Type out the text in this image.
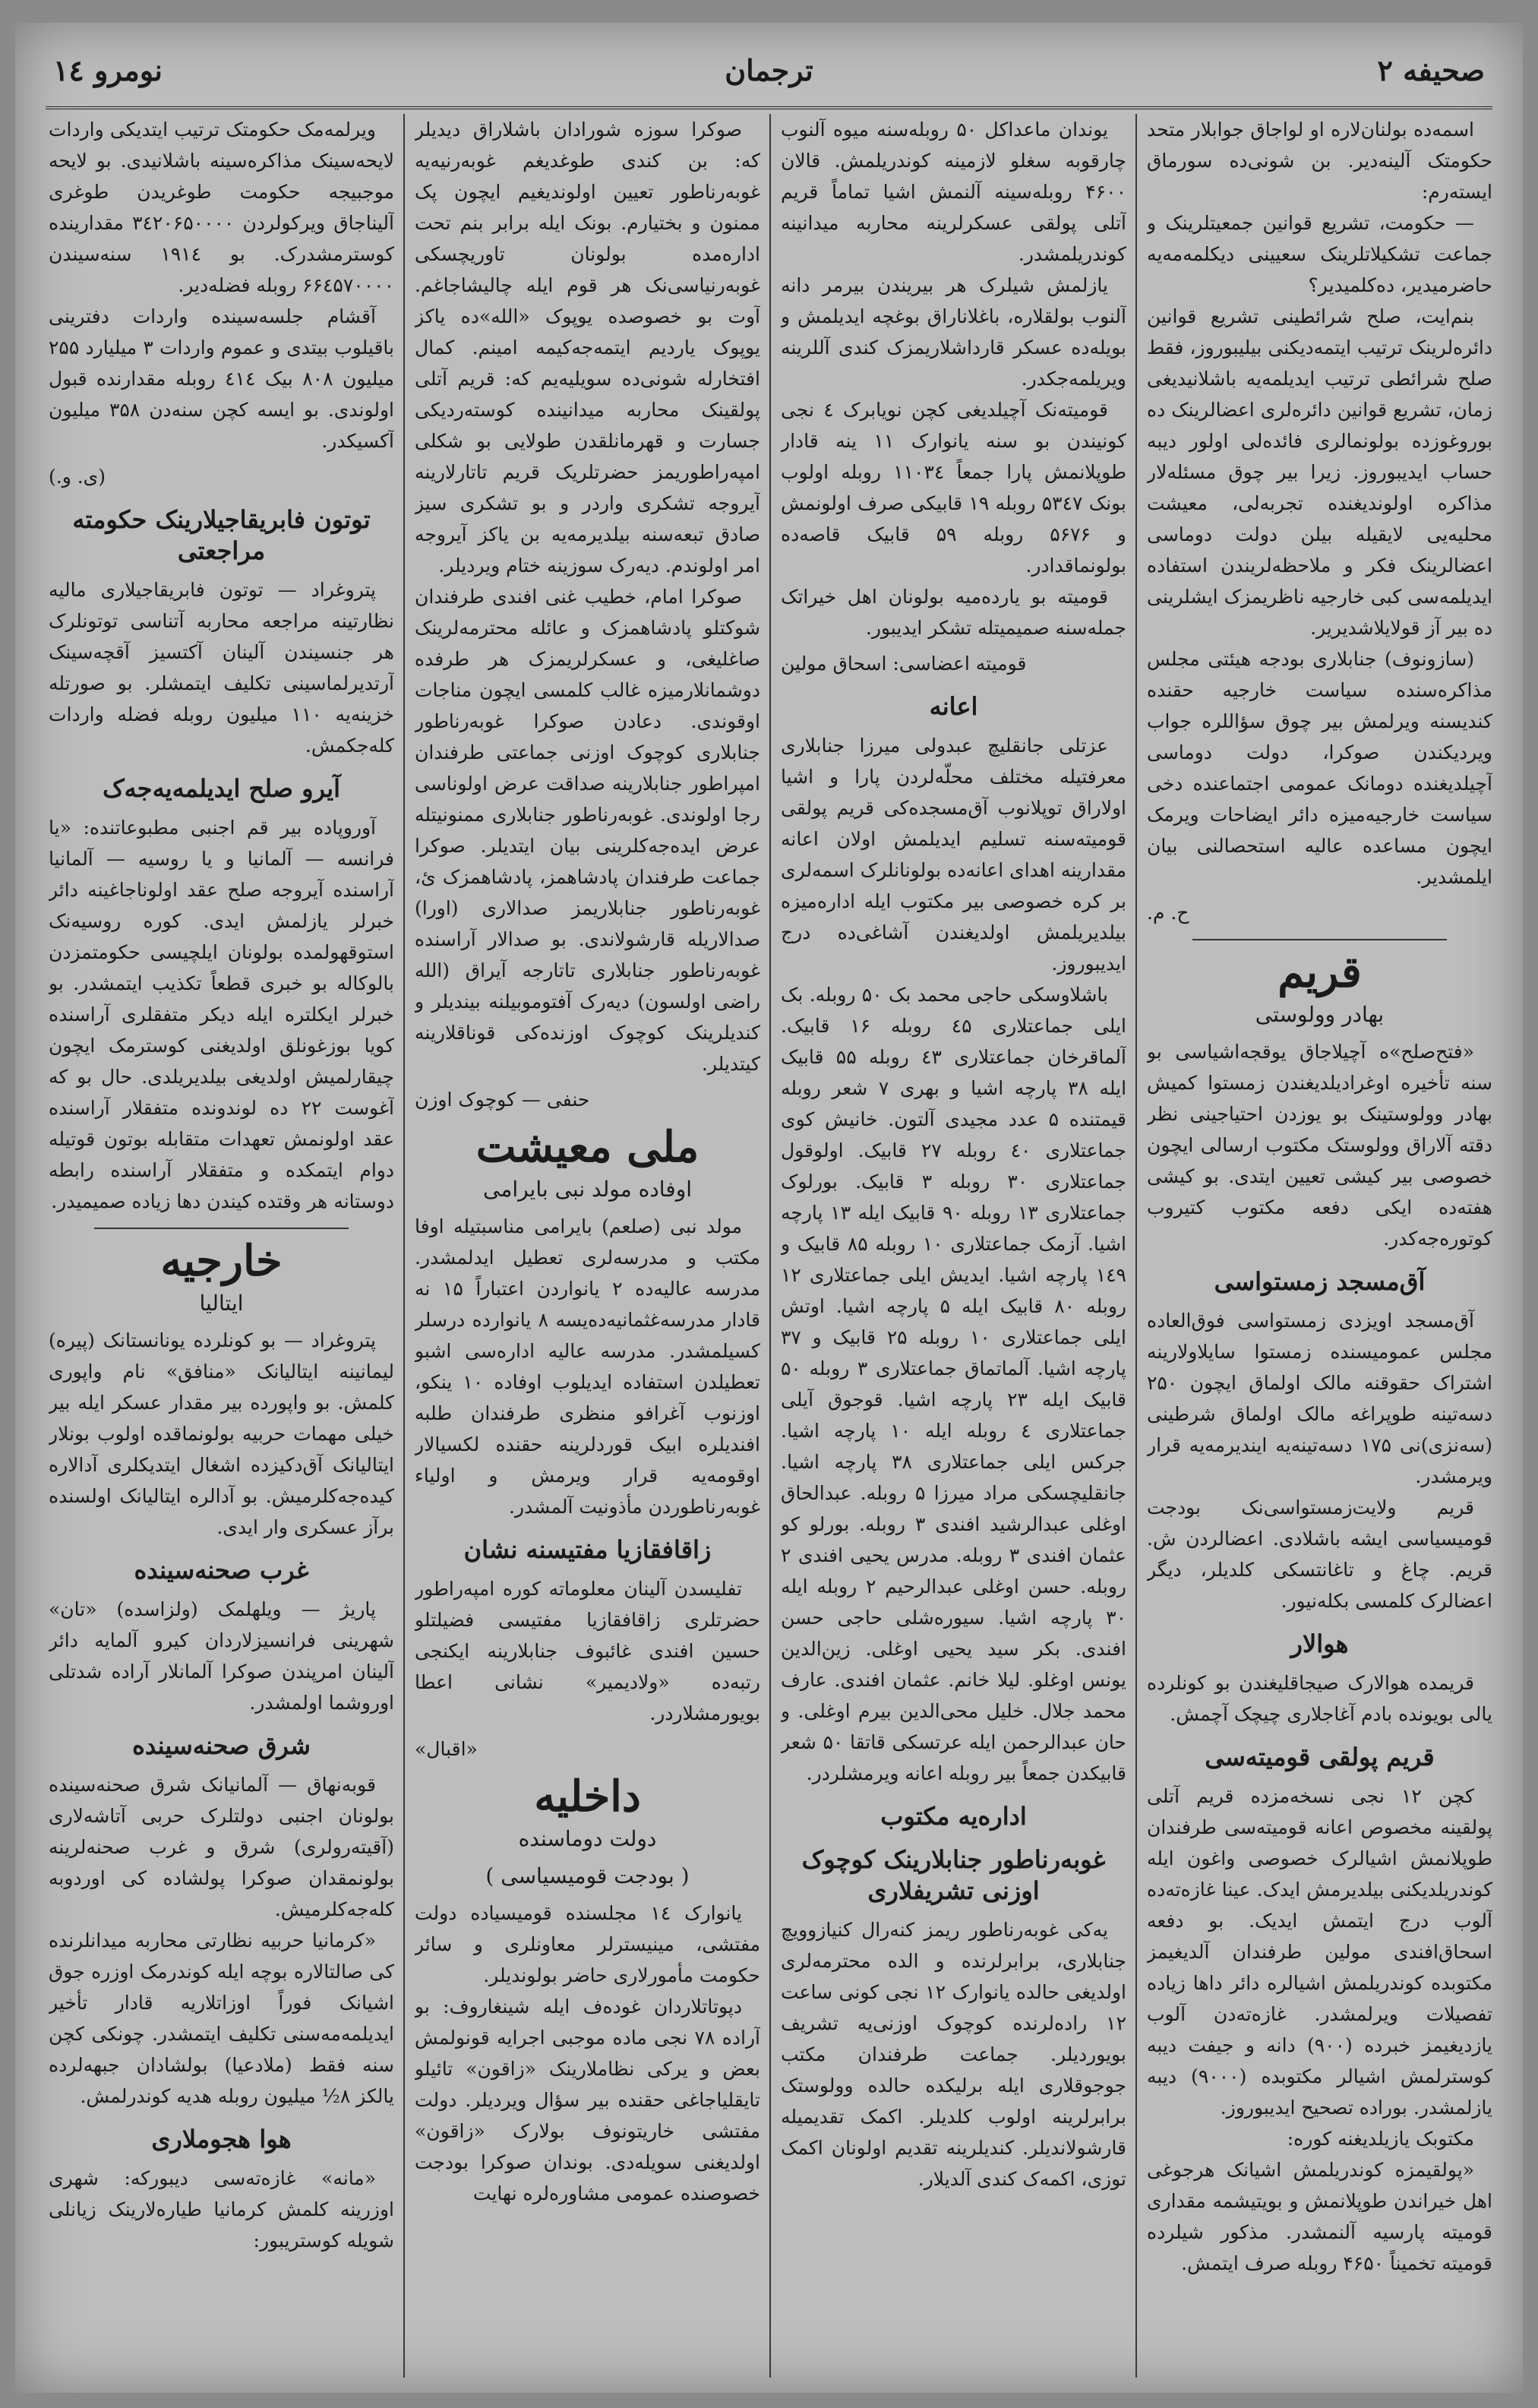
صحیفه ۲
ترجمان
نومرو ۱٤
اسمه‌ده بولنان‌لاره او لواجاق جوابلار متحد حکومتک آلینه‌دیر. بن شونی‌ده سورماق ایسته‌رم:
— حکومت، تشریع قوانین جمعیتلرینک و جماعت تشکیلاتلرینک سعیینی دیکلمه‌مه‌یه حاضرمیدیر، ده‌کلمیدیر؟
بنم‌ایت، صلح شرائطینی تشریع قوانین دائره‌لرینک ترتیب ایتمه‌دیکنی بیلیبوروز، فقط صلح شرائطی ترتیب ایدیلمه‌یه باشلانیدیغی زمان، تشریع قوانین دائره‌لری اعضالرینک ده بوروغوزده بولونمالری فائده‌لی اولور دیبه حساب ایدیبوروز. زیرا بیر چوق مسئله‌لار مذاکره اولوندیغنده تجربه‌لی، معیشت محلیه‌یی لایقیله بیلن دولت دوماسی اعضالرینک فکر و ملاحظه‌لریندن استفاده ایدیلمه‌سی کبی خارجیه ناظریمزک ایشلرینی ده بیر آز قولایلاشدیریر.
(سازونوف) جنابلاری بودجه هیئتی مجلس مذاکره‌سنده سیاست خارجیه حقنده کندیسنه ویرلمش بیر چوق سؤاللره جواب ویردیکندن صوکرا، دولت دوماسی آچیلدیغنده دومانک عمومی اجتماعنده دخی سیاست خارجیه‌میزه دائر ایضاحات ویرمک ایچون مساعده عالیه استحصالنی بیان ایلمشدیر.
ح. م.
قریم
بهادر وولوستی
«فتح‌صلح»ه آچیلاجاق یوقجه‌اشیاسی بو سنه تأخیره اوغرادیلدیغندن زمستوا کمیش بهادر وولوستینک بو یوزدن احتیاجینی نظر دقته آلاراق وولوستک مکتوب ارسالی ایچون خصوصی بیر کیشی تعیین ایتدی. بو کیشی هفته‌ده ایکی دفعه مکتوب کتیروب کوتوره‌جه‌کدر.
آق‌مسجد زمستواسی
آق‌مسجد اویزدی زمستواسی فوق‌العاده مجلس عمومیسنده زمستوا سایلاولارینه اشتراک حقوقنه مالک اولماق ایچون ۲۵۰ دسه‌تینه طوپراغه مالک اولماق شرطینی (سه‌نزی)‌نی ۱۷۵ دسه‌تینه‌یه ایندیرمه‌یه قرار ویرمشدر.
قریم ولایت‌زمستواسی‌نک بودجت قومیسیاسی ایشه باشلادی. اعضالردن ش. قریم. چاغ و تاغانتسکی کلدیلر، دیگر اعضالرک کلمسی بکله‌نیور.
هوالار
قریمده هوالارک صیجاقلیغندن بو کونلرده یالی بویونده بادم آغاجلاری چیچک آچمش.
قریم پولقی قومیته‌سی
کچن ۱۲ نجی نسخه‌مزده قریم آتلی پولقینه مخصوص اعانه قومیته‌سی طرفندان طوپلانمش اشیالرک خصوصی واغون ایله کوندریلدیکنی بیلدیرمش ایدک. عینا غازه‌ته‌ده آلوب درج ایتمش ایدیک. بو دفعه اسحاق‌افندی مولین طرفندان آلدیغیمز مکتوبده کوندریلمش اشیالره دائر داها زیاده تفصیلات ویرلمشدر. غازه‌ته‌دن آلوب یازدیغیمز خبرده (۹۰۰) دانه و جیفت دیبه کوسترلمش اشیالر مکتوبده (۹۰۰۰) دیبه یازلمشدر. بوراده تصحیح ایدیبوروز.
مکتوبک یازیلدیغنه کوره:
«پولقیمزه کوندریلمش اشیانک هرجوغی اهل خیراندن طوپلانمش و بویتیشمه مقداری قومیته پارسیه آلنمشدر. مذکور شیلرده قومیته تخمیناً ۴۶۵۰ روبله صرف ایتمش.
یوندان ماعداکل ۵۰ روبله‌سنه میوه آلنوب چارقوبه سغلو لازمینه کوندریلمش. قالان ۴۶۰۰ روبله‌سینه آلنمش اشیا تماماً قریم آتلی پولقی عسکرلرینه محاربه میدانینه کوندریلمشدر.
یازلمش شیلرک هر بیریندن بیرمر دانه آلنوب بولقلاره، باغلاناراق بوغچه ایدیلمش و بویله‌ده عسکر قارداشلاریمزک کندی آللرینه ویریلمه‌جکدر.
قومیته‌نک آچیلدیغی کچن نویابرک ٤ نجی کونیندن بو سنه یانوارک ۱۱ ینه قادار طوپلانمش پارا جمعاً ۱۱۰۳٤ روبله اولوب بونک ۵۳٤۷ روبله ۱۹ قابیکی صرف اولونمش و ۵۶۷۶ روبله ۵۹ قابیک قاصه‌ده بولونماقدادر.
قومیته بو یارده‌میه بولونان اهل خیراتک جمله‌سنه صمیمیتله تشکر ایدیبور.
قومیته اعضاسی: اسحاق مولین
اعانه
عزتلی جانقلیچ عبدولی میرزا جنابلاری معرفتیله مختلف محلّه‌لردن پارا و اشیا اولاراق توپلانوب آق‌مسجده‌کی قریم پولقی قومیته‌سنه تسلیم ایدیلمش اولان اعانه مقدارینه اهدای اعانه‌ده بولونانلرک اسمه‌لری بر کره خصوصی بیر مکتوب ایله اداره‌میزه بیلدیریلمش اولدیغندن آشاغی‌ده درج ایدیبوروز.
باشلاوسکی حاجی محمد بک ۵۰ روبله. بک ایلی جماعتلاری ٤۵ روبله ۱۶ قابیک. آلماقرخان جماعتلاری ٤۳ روبله ۵۵ قابیک ایله ۳۸ پارچه اشیا و بهری ۷ شعر روبله قیمتنده ۵ عدد مجیدی آلتون. خانیش کوی جماعتلاری ٤۰ روبله ۲۷ قابیک. اولوقول جماعتلاری ۳۰ روبله ۳ قابیک. بورلوک جماعتلاری ۱۳ روبله ۹۰ قابیک ایله ۱۳ پارچه اشیا. آزمک جماعتلاری ۱۰ روبله ۸۵ قابیک و ۱٤۹ پارچه اشیا. ایدیش ایلی جماعتلاری ۱۲ روبله ۸۰ قابیک ایله ۵ پارچه اشیا. اوتش ایلی جماعتلاری ۱۰ روبله ۲۵ قابیک و ۳۷ پارچه اشیا. آلماتماق جماعتلاری ۳ روبله ۵۰ قابیک ایله ۲۳ پارچه اشیا. قوجوق آیلی جماعتلاری ٤ روبله ایله ۱۰ پارچه اشیا. جرکس ایلی جماعتلاری ۳۸ پارچه اشیا. جانقلیچسکی مراد میرزا ۵ روبله. عبدالحاق اوغلی عبدالرشید افندی ۳ روبله. بورلو کو عثمان افندی ۳ روبله. مدرس یحیی افندی ۲ روبله. حسن اوغلی عبدالرحیم ۲ روبله ایله ۳۰ پارچه اشیا. سیوره‌شلی حاجی حسن افندی. بکر سید یحیی اوغلی. زین‌الدین یونس اوغلو. لیلا خانم. عثمان افندی. عارف محمد جلال. خلیل محی‌الدین بیرم اوغلی. و حان عبدالرحمن ایله عرتسکی قاتقا ۵۰ شعر قابیکدن جمعاً بیر روبله اعانه ویرمشلردر.
اداره‌یه مکتوب
غوبه‌رناطور جنابلارینک کوچوک اوزنی تشریفلاری
یه‌کی غوبه‌رناطور ریمز کنه‌رال کنیازوویچ جنابلاری، برابرلرنده و الده محترمه‌لری اولدیغی حالده یانوارک ۱۲ نجی کونی ساعت ۱۲ راده‌لرنده کوچوک اوزنی‌یه تشریف بویوردیلر. جماعت طرفندان مکتب جوجوقلاری ایله برلیکده حالده وولوستک برابرلرینه اولوب کلدیلر. اکمک تقدیمیله قارشولاندیلر. کندیلرینه تقدیم اولونان اکمک توزی، اکمه‌ک کندی آلدیلار.
صوکرا سوزه شورادان باشلاراق دیدیلر که: بن کندی طوغدیغم غوبه‌رنیه‌یه غوبه‌رناطور تعیین اولوندیغیم ایچون پک ممنون و بختیارم. بونک ایله برابر بنم تحت اداره‌مده بولونان تاوریچسکی غوبه‌رنیاسی‌نک هر قوم ایله چالیشاجاغم. آوت بو خصوصده یوپوک «الله»‌ده یاکز یوپوک یاردیم ایتمه‌جه‌کیمه امینم. کمال افتخارله شونی‌ده سویلیه‌یم که: قریم آتلی پولقینک محاربه میدانینده کوسته‌ردیکی جسارت و قهرمانلقدن طولایی بو شکلی امپه‌راطوریمز حضرتلریک قریم تاتارلارینه آیروجه تشکری واردر و بو تشکری سیز صادق تبعه‌سنه بیلدیرمه‌یه بن یاکز آیروجه امر اولوندم. دیه‌رک سوزینه ختام ویردیلر.
صوکرا امام، خطیب غنی افندی طرفندان شوکتلو پادشاهمزک و عائله محترمه‌لرینک صاغلیغی، و عسکرلریمزک هر طرفده دوشمانلارمیزه غالب کلمسی ایچون مناجات اوقوندی. دعادن صوکرا غوبه‌رناطور جنابلاری کوچوک اوزنی جماعتی طرفندان امپراطور جنابلارینه صداقت عرض اولوناسی رجا اولوندی. غوبه‌رناطور جنابلاری ممنونیتله عرض ایده‌جه‌کلرینی بیان ایتدیلر. صوکرا جماعت طرفندان پادشاهمز، پادشاهمزک ئ، غوبه‌رناطور جنابلاریمز صدالاری (اورا) صدالاریله قارشولاندی. بو صدالار آراسنده غوبه‌رناطور جنابلاری تاتارجه آیراق (الله راضی اولسون) دیه‌رک آفتوموبیلنه بیندیلر و کندیلرینک کوچوک اوزنده‌کی قوناقلارینه کیتدیلر.
حنفی — کوچوک اوزن
ملی معیشت
اوفاده مولد نبی بایرامی
مولد نبی (صلعم) بایرامی مناسبتیله اوفا مکتب و مدرسه‌لری تعطیل ایدلمشدر. مدرسه عالیه‌ده ۲ یانواردن اعتباراً ۱۵ نه قادار مدرسه‌غثمانیه‌ده‌یسه‌ ۸ یانوارده درسلر کسیلمشدر. مدرسه عالیه اداره‌سی اشبو تعطیلدن استفاده ایدیلوب اوفاده ۱۰ ینکو، اوزنوب آغرافو منظری طرفندان طلبه افندیلره ابیک قوردلرینه حقنده لکسیالار اوقومه‌یه قرار ویرمش و اولیاء غوبه‌رناطوردن مأذونیت آلمشدر.
زاقافقازیا مفتیسنه نشان
تفلیسدن آلینان معلوماته کوره امپه‌راطور حضرتلری زاقافقازیا مفتیسی فضیلتلو حسین افندی غائبوف جنابلارینه ایکنجی رتبه‌ده «ولادیمیر» نشانی اعطا بویورمشلاردر.
«اقبال»
داخلیه
دولت دوماسنده
( بودجت قومیسیاسی )
یانوارک ۱٤ مجلسنده قومیسیاده دولت مفتشی، مینیسترلر معاونلری و سائر حکومت مأمورلاری حاضر بولوندیلر.
دپوتاتلاردان غوده‌ف ایله شینغاروف: بو آراده ۷۸ نجی ماده موجبی اجرایه قونولمش بعض و یرکی نظاملارینک «زاقون» تائیلو تایقلیاجاغی حقنده بیر سؤال ویردیلر. دولت مفتشی خاریتونوف بولارک «زاقون» اولدیغنی سویله‌دی. بوندان صوکرا بودجت خصوصنده عمومی مشاوره‌لره نهایت
ویرلمه‌مک حکومتک ترتیب ایتدیکی واردات لایحه‌سینک مذاکره‌سینه باشلانیدی. بو لایحه موجبیجه حکومت طوغریدن طوغری آلیناجاق ویرکولردن ۳٤۲۰۶۵۰۰۰۰ مقدارینده کوسترمشدرک. بو ۱۹۱٤ سنه‌سیندن ۶۶٤۵۷۰۰۰۰ روبله فضله‌دیر.
آقشام جلسه‌سینده واردات دفترینی باقیلوب بیتدی و عموم واردات ۳ میلیارد ۲۵۵ میلیون ۸۰۸ بیک ٤۱٤ روبله مقدارنده قبول اولوندی. بو ایسه کچن سنه‌دن ۳۵۸ میلیون آکسیکدر.
(ی. و.)
توتون فابریقاجیلارینک حکومته مراجعتی
پتروغراد — توتون فابریقاجیلاری مالیه نظارتینه مراجعه محاربه آتناسی توتونلرک هر جنسیندن آلینان آکتسیز آقچه‌سینک آرتدیرلماسینی تکلیف ایتمشلر. بو صورتله خزینه‌یه ۱۱۰ میلیون روبله فضله واردات کله‌جکمش.
آیرو صلح ایدیلمه‌یه‌جه‌ک
آوروپاده بیر قم اجنبی مطبوعاتنده: «یا فرانسه — آلمانیا و یا روسیه — آلمانیا آراسنده آیروجه صلح عقد اولوناجاغینه دائر خبرلر یازلمش ایدی. کوره روسیه‌نک استوقهولمده بولونان ایلچیسی حکومتمزدن بالوکاله بو خبری قطعاً تکذیب ایتمشدر. بو خبرلر ایکلتره ایله دیکر متفقلری آراسنده کویا بوزغونلق اولدیغنی کوسترمک ایچون چیقارلمیش اولدیغی بیلدیریلدی. حال بو که آغوست ۲۲ ده لوندونده متفقلار آراسنده عقد اولونمش تعهدات متقابله بوتون قوتیله دوام ایتمکده و متفقلار آراسنده رابطه دوستانه هر وقتده کیندن دها زیاده صمیمیدر.
خارجیه
ایتالیا
پتروغراد — بو کونلرده یونانستانک (پیره) لیمانینه ایتالیانک «منافق» نام واپوری کلمش. بو واپورده بیر مقدار عسکر ایله بیر خیلی مهمات حربیه بولونماقده اولوب بونلار ایتالیانک آق‌دکیزده اشغال ایتدیکلری آدالاره کیده‌جه‌کلرمیش. بو آدالره ایتالیانک اولسنده برآز عسکری وار ایدی.
غرب صحنه‌سینده
پاریژ — ویلهلمک (ولزاسده) «تان» شهرینی فرانسیزلاردان کیرو آلمایه دائر آلینان امرپندن صوکرا آلمانلار آراده شدتلی اوروشما اولمشدر.
شرق صحنه‌سینده
قوبه‌نهاق — آلمانیانک شرق صحنه‌سینده بولونان اجنبی دولتلرک حربی آتاشه‌لاری (آقیته‌رولری) شرق و غرب صحنه‌لرینه بولونمقدان صوکرا پولشاده کی اوردوبه کله‌جه‌کلرمیش.
«کرمانیا حربیه نظارتی محاربه میدانلرنده کی صالتالاره بوچه ایله کوندرمک اوزره جوق اشیانک فوراً اوزاتلاریه قادار تأخیر ایدیلمه‌مه‌سنی تکلیف ایتمشدر. چونکی کچن سنه فقط (ملادعیا) بولشادان جبهه‌لرده یالکز ۸½ میلیون روبله هدیه کوندرلمش.
هوا هجوملاری
«مانه» غازه‌ته‌سی دیبورکه: شهری اوزرینه کلمش کرمانیا طیاره‌لارینک زیانلی شویله کوستریبور:
